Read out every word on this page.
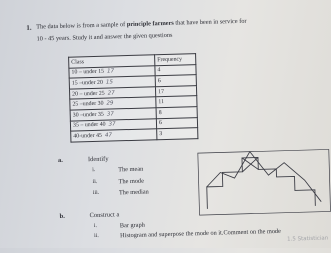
1. The data below is from a sample of principle farmers that have been in service for
10 - 45 years. Study it and answer the given questions
Class	Frequency
10 – under 15 17	4
15 –under 20 15	6
20 – under 25 27	17
25 –under 30 29	11
30 –under 35 37	8
35 – under 40 37	6
40-under 45 47	3
a.	Identify
i.	The mean
ii.	The mode
iii.	The median
b.	Construct a
i.	Bar graph
ii.	Histogram and superpose the mode on it.Comment on the mode 1.5 Statistician
